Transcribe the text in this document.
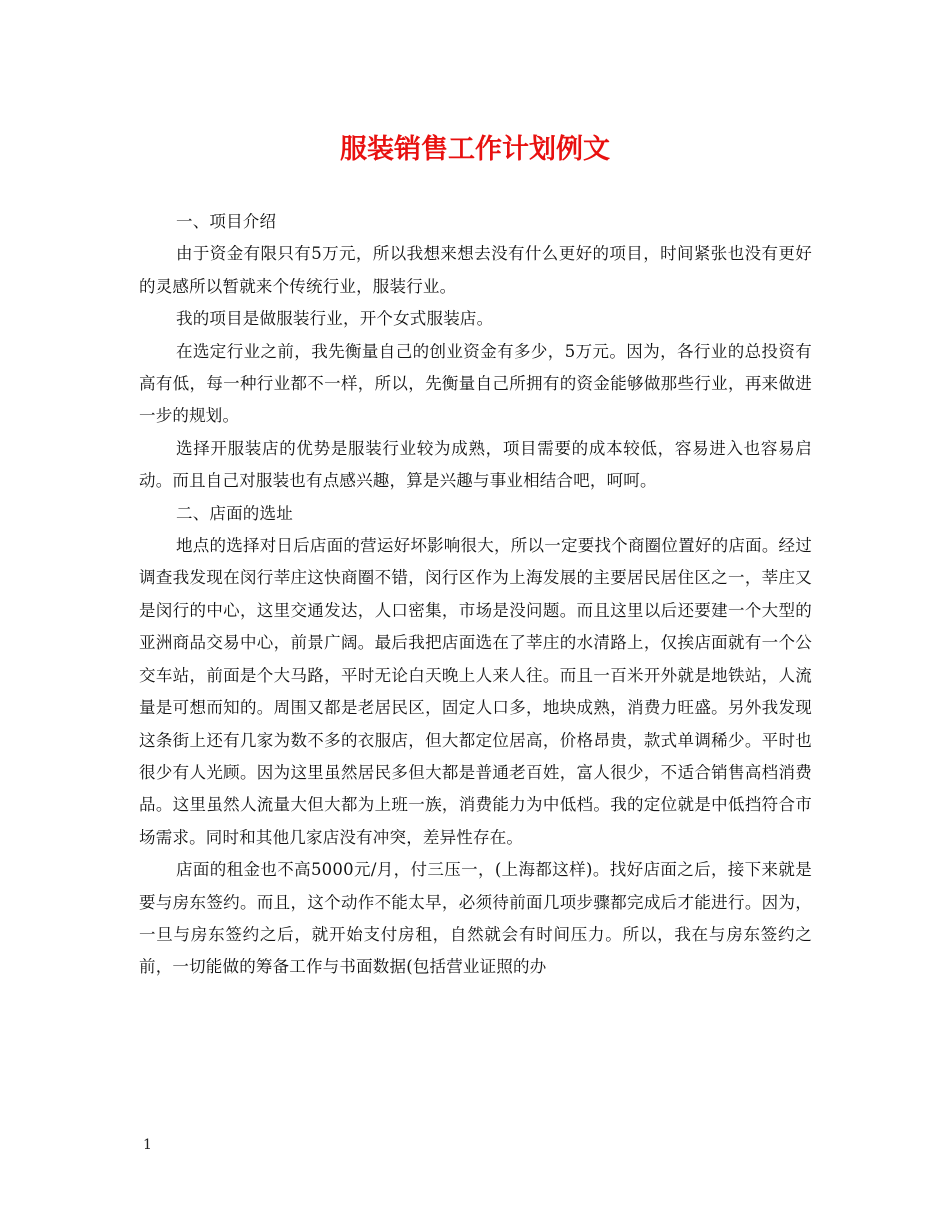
服装销售工作计划例文

一、项目介绍

由于资金有限只有5万元，所以我想来想去没有什么更好的项目，时间紧张也没有更好的灵感所以暂就来个传统行业，服装行业。

我的项目是做服装行业，开个女式服装店。

在选定行业之前，我先衡量自己的创业资金有多少，5万元。因为，各行业的总投资有高有低，每一种行业都不一样，所以，先衡量自己所拥有的资金能够做那些行业，再来做进一步的规划。

选择开服装店的优势是服装行业较为成熟，项目需要的成本较低，容易进入也容易启动。而且自己对服装也有点感兴趣，算是兴趣与事业相结合吧，呵呵。

二、店面的选址

地点的选择对日后店面的营运好坏影响很大，所以一定要找个商圈位置好的店面。经过调查我发现在闵行莘庄这快商圈不错，闵行区作为上海发展的主要居民居住区之一，莘庄又是闵行的中心，这里交通发达，人口密集，市场是没问题。而且这里以后还要建一个大型的亚洲商品交易中心，前景广阔。最后我把店面选在了莘庄的水清路上，仅挨店面就有一个公交车站，前面是个大马路，平时无论白天晚上人来人往。而且一百米开外就是地铁站，人流量是可想而知的。周围又都是老居民区，固定人口多，地块成熟，消费力旺盛。另外我发现这条街上还有几家为数不多的衣服店，但大都定位居高，价格昂贵，款式单调稀少。平时也很少有人光顾。因为这里虽然居民多但大都是普通老百姓，富人很少，不适合销售高档消费品。这里虽然人流量大但大都为上班一族，消费能力为中低档。我的定位就是中低挡符合市场需求。同时和其他几家店没有冲突，差异性存在。

店面的租金也不高5000元/月，付三压一，(上海都这样)。找好店面之后，接下来就是要与房东签约。而且，这个动作不能太早，必须待前面几项步骤都完成后才能进行。因为，一旦与房东签约之后，就开始支付房租，自然就会有时间压力。所以，我在与房东签约之前，一切能做的筹备工作与书面数据(包括营业证照的办

1
